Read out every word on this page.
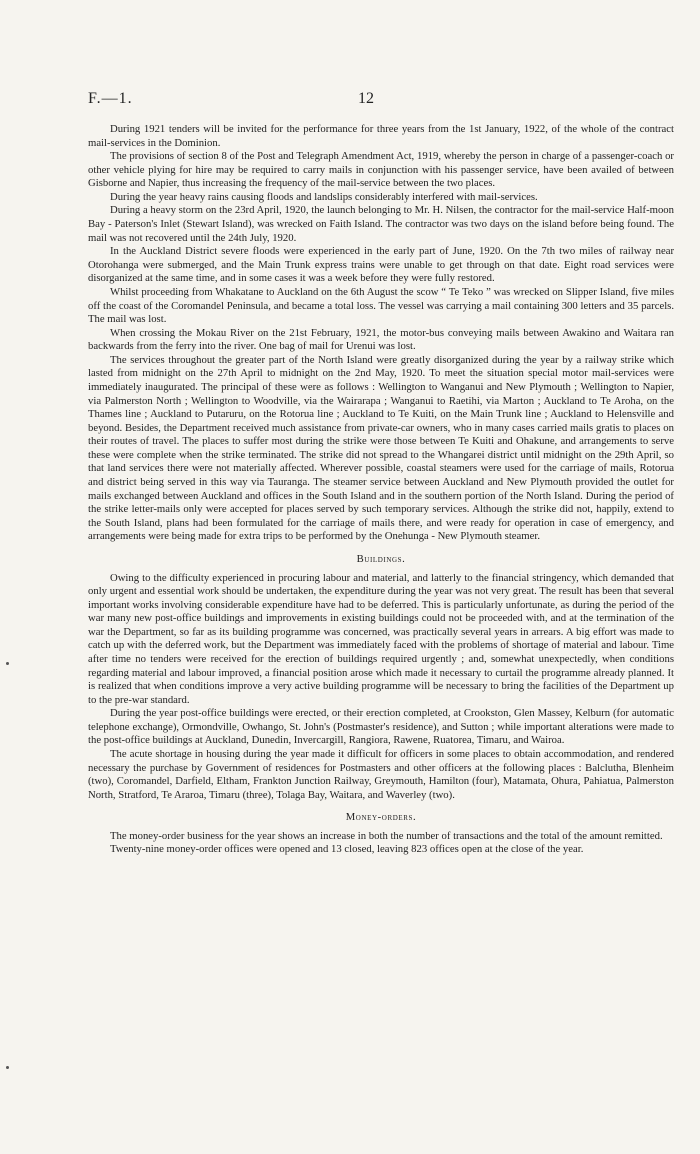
F.—1.	12

During 1921 tenders will be invited for the performance for three years from the 1st January, 1922, of the whole of the contract mail-services in the Dominion.

The provisions of section 8 of the Post and Telegraph Amendment Act, 1919, whereby the person in charge of a passenger-coach or other vehicle plying for hire may be required to carry mails in conjunction with his passenger service, have been availed of between Gisborne and Napier, thus increasing the frequency of the mail-service between the two places.

During the year heavy rains causing floods and landslips considerably interfered with mail-services.

During a heavy storm on the 23rd April, 1920, the launch belonging to Mr. H. Nilsen, the contractor for the mail-service Half-moon Bay - Paterson's Inlet (Stewart Island), was wrecked on Faith Island. The contractor was two days on the island before being found. The mail was not recovered until the 24th July, 1920.

In the Auckland District severe floods were experienced in the early part of June, 1920. On the 7th two miles of railway near Otorohanga were submerged, and the Main Trunk express trains were unable to get through on that date. Eight road services were disorganized at the same time, and in some cases it was a week before they were fully restored.

Whilst proceeding from Whakatane to Auckland on the 6th August the scow “ Te Teko ” was wrecked on Slipper Island, five miles off the coast of the Coromandel Peninsula, and became a total loss. The vessel was carrying a mail containing 300 letters and 35 parcels. The mail was lost.

When crossing the Mokau River on the 21st February, 1921, the motor-bus conveying mails between Awakino and Waitara ran backwards from the ferry into the river. One bag of mail for Urenui was lost.

The services throughout the greater part of the North Island were greatly disorganized during the year by a railway strike which lasted from midnight on the 27th April to midnight on the 2nd May, 1920. To meet the situation special motor mail-services were immediately inaugurated. The principal of these were as follows : Wellington to Wanganui and New Plymouth ; Wellington to Napier, via Palmerston North ; Wellington to Woodville, via the Wairarapa ; Wanganui to Raetihi, via Marton ; Auckland to Te Aroha, on the Thames line ; Auckland to Putaruru, on the Rotorua line ; Auckland to Te Kuiti, on the Main Trunk line ; Auckland to Helensville and beyond. Besides, the Department received much assistance from private-car owners, who in many cases carried mails gratis to places on their routes of travel. The places to suffer most during the strike were those between Te Kuiti and Ohakune, and arrangements to serve these were complete when the strike terminated. The strike did not spread to the Whangarei district until midnight on the 29th April, so that land services there were not materially affected. Wherever possible, coastal steamers were used for the carriage of mails, Rotorua and district being served in this way via Tauranga. The steamer service between Auckland and New Plymouth provided the outlet for mails exchanged between Auckland and offices in the South Island and in the southern portion of the North Island. During the period of the strike letter-mails only were accepted for places served by such temporary services. Although the strike did not, happily, extend to the South Island, plans had been formulated for the carriage of mails there, and were ready for operation in case of emergency, and arrangements were being made for extra trips to be performed by the Onehunga - New Plymouth steamer.

Buildings.

Owing to the difficulty experienced in procuring labour and material, and latterly to the financial stringency, which demanded that only urgent and essential work should be undertaken, the expenditure during the year was not very great. The result has been that several important works involving considerable expenditure have had to be deferred. This is particularly unfortunate, as during the period of the war many new post-office buildings and improvements in existing buildings could not be proceeded with, and at the termination of the war the Department, so far as its building programme was concerned, was practically several years in arrears. A big effort was made to catch up with the deferred work, but the Department was immediately faced with the problems of shortage of material and labour. Time after time no tenders were received for the erection of buildings required urgently ; and, somewhat unexpectedly, when conditions regarding material and labour improved, a financial position arose which made it necessary to curtail the programme already planned. It is realized that when conditions improve a very active building programme will be necessary to bring the facilities of the Department up to the pre-war standard.

During the year post-office buildings were erected, or their erection completed, at Crookston, Glen Massey, Kelburn (for automatic telephone exchange), Ormondville, Owhango, St. John's (Postmaster's residence), and Sutton ; while important alterations were made to the post-office buildings at Auckland, Dunedin, Invercargill, Rangiora, Rawene, Ruatorea, Timaru, and Wairoa.

The acute shortage in housing during the year made it difficult for officers in some places to obtain accommodation, and rendered necessary the purchase by Government of residences for Postmasters and other officers at the following places : Balclutha, Blenheim (two), Coromandel, Darfield, Eltham, Frankton Junction Railway, Greymouth, Hamilton (four), Matamata, Ohura, Pahiatua, Palmerston North, Stratford, Te Araroa, Timaru (three), Tolaga Bay, Waitara, and Waverley (two).

Money-orders.

The money-order business for the year shows an increase in both the number of transactions and the total of the amount remitted.

Twenty-nine money-order offices were opened and 13 closed, leaving 823 offices open at the close of the year.
